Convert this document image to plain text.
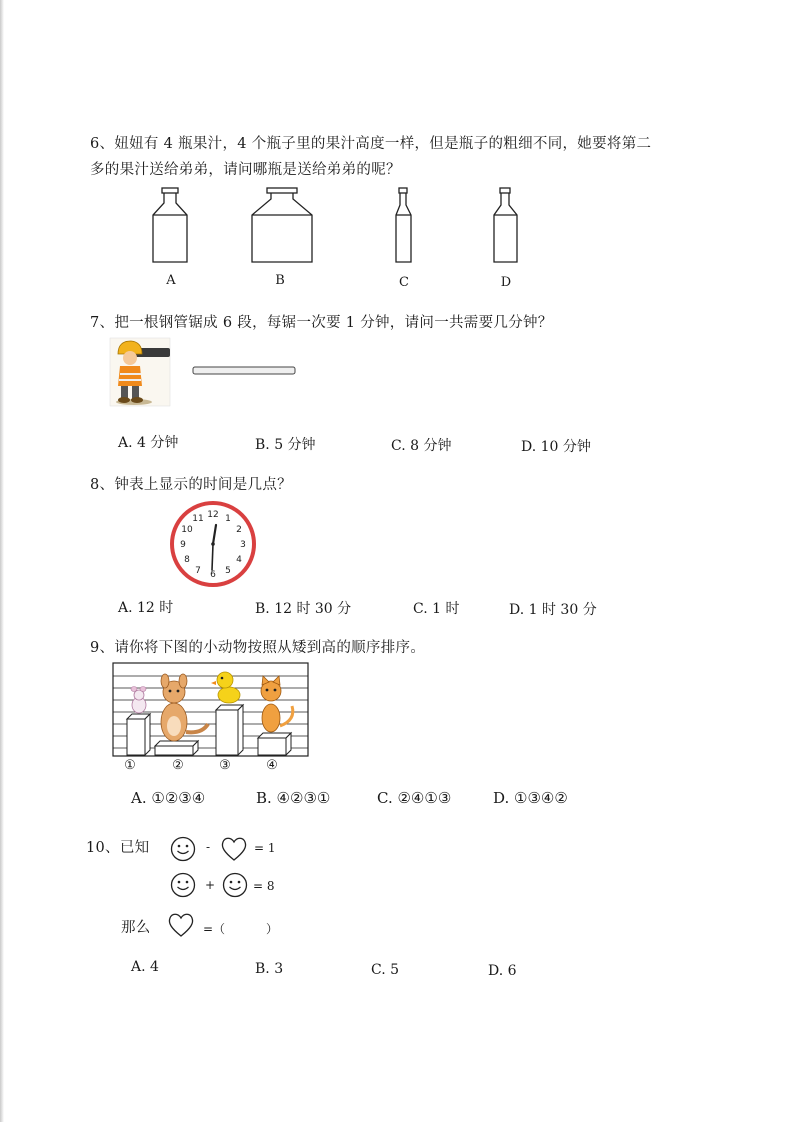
6、妞妞有 4 瓶果汁，4 个瓶子里的果汁高度一样，但是瓶子的粗细不同，她要将第二
多的果汁送给弟弟，请问哪瓶是送给弟弟的呢？
A	B	C	D
7、把一根钢管锯成 6 段，每锯一次要 1 分钟，请问一共需要几分钟？
A. 4 分钟	B. 5 分钟	C. 8 分钟	D. 10 分钟
8、钟表上显示的时间是几点？
12 1
2
3
4
5
6
7
8
9
10
11
A. 12 时	B. 12 时 30 分	C. 1 时	D. 1 时 30 分
9、请你将下图的小动物按照从矮到高的顺序排序。
①	②	③	④
A. ①②③④	B. ④②③①	C. ②④①③	D. ①③④②
10、已知	-	= 1
+	= 8
那么	=（	）
A. 4	B. 3	C. 5	D. 6
